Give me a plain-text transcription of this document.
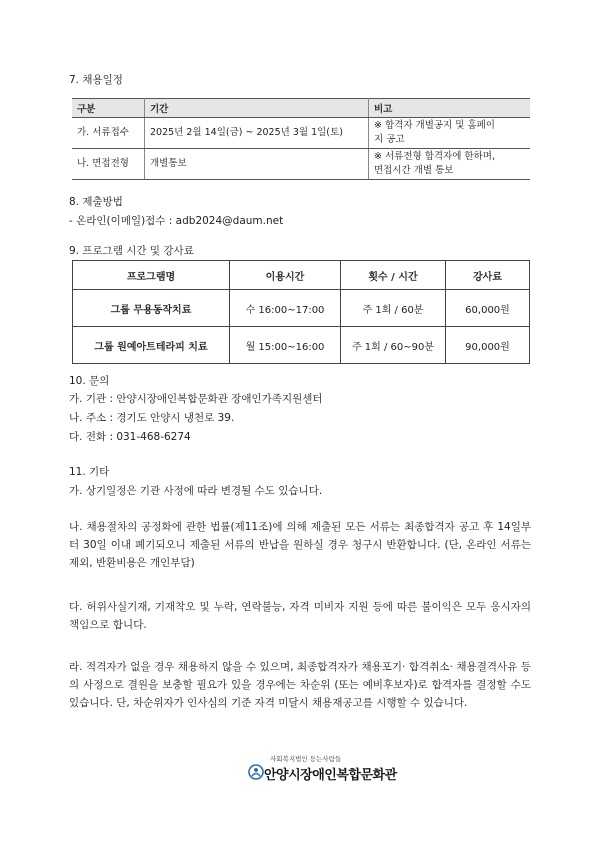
7. 채용일정
구분	기간	비고
가. 서류접수	2025년 2월 14일(금) ~ 2025년 3월 1일(토)	※ 합격자 개별공지 및 홈페이
지 공고

나. 면접전형	개별통보	※ 서류전형 합격자에 한하며,
면접시간 개별 통보
8. 제출방법
- 온라인(이메일)접수 : adb2024@daum.net
9. 프로그램 시간 및 강사료
프로그램명	이용시간	횟수 / 시간	강사료
그룹 무용동작치료	수 16:00~17:00	주 1회 / 60분	60,000원
그룹 원예아트테라피 치료	월 15:00~16:00	주 1회 / 60~90분	90,000원
10. 문의
가. 기관 : 안양시장애인복합문화관 장애인가족지원센터
나. 주소 : 경기도 안양시 냉천로 39.
다. 전화 : 031-468-6274
11. 기타
가. 상기일정은 기관 사정에 따라 변경될 수도 있습니다.
나. 채용절차의 공정화에 관한 법률(제11조)에 의해 제출된 모든 서류는 최종합격자 공고 후 14일부터 30일 이내 폐기되오니 제출된 서류의 반납을 원하실 경우 청구시 반환합니다. (단, 온라인 서류는 제외, 반환비용은 개인부담)
다. 허위사실기재, 기재착오 및 누락, 연락불능, 자격 미비자 지원 등에 따른 불이익은 모두 응시자의 책임으로 합니다.
라. 적격자가 없을 경우 채용하지 않을 수 있으며, 최종합격자가 채용포기· 합격취소· 채용결격사유 등의 사정으로 결원을 보충할 필요가 있을 경우에는 차순위 (또는 예비후보자)로 합격자를 결정할 수도 있습니다. 단, 차순위자가 인사심의 기준 자격 미달시 채용재공고를 시행할 수 있습니다.
사회복지법인 등는사람들
안양시장애인복합문화관
